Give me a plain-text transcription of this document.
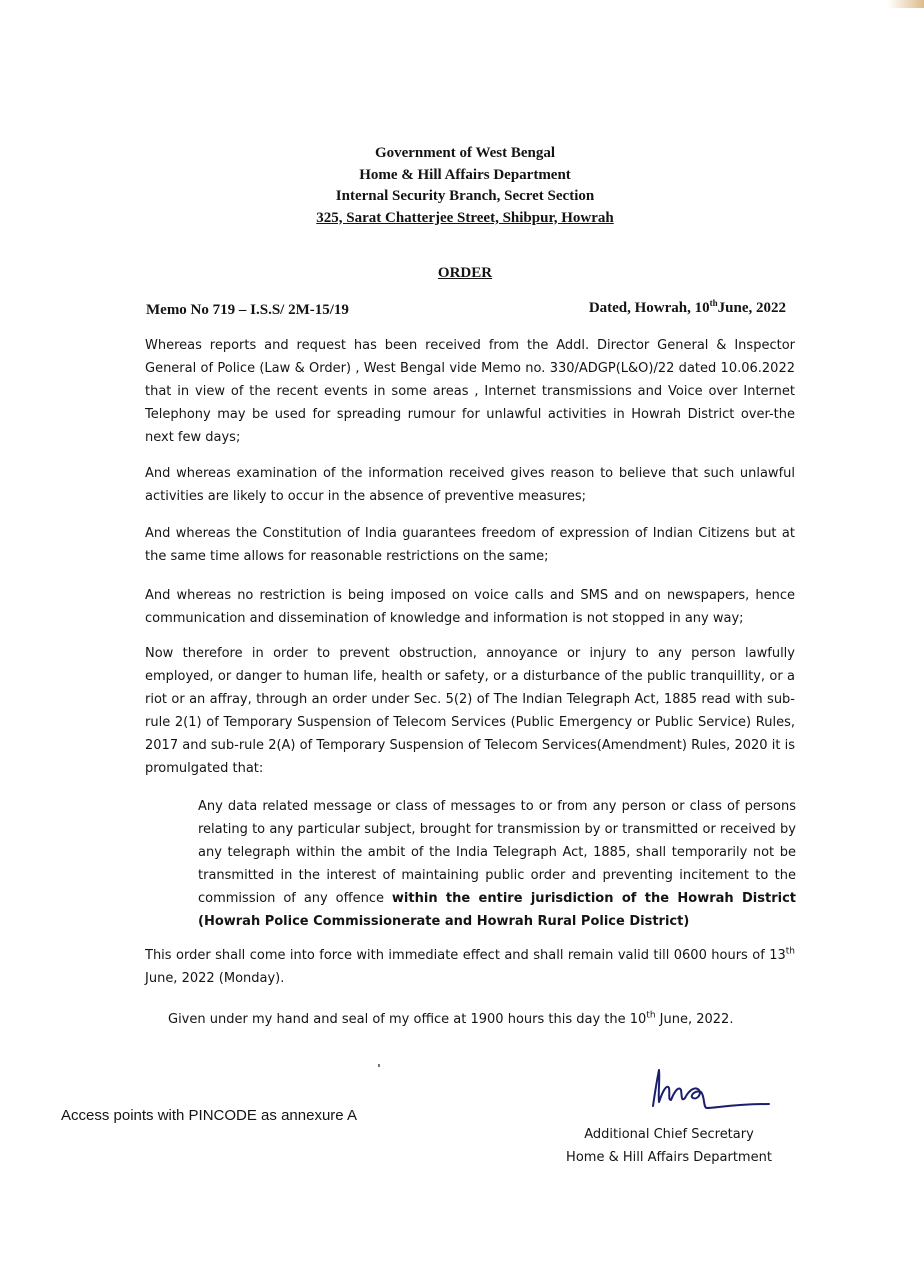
Government of West Bengal
Home & Hill Affairs Department
Internal Security Branch, Secret Section
325, Sarat Chatterjee Street, Shibpur, Howrah
ORDER
Memo No 719 – I.S.S/ 2M-15/19	Dated, Howrah, 10thJune, 2022
Whereas reports and request has been received from the Addl. Director General & Inspector General of Police (Law & Order) , West Bengal vide Memo no. 330/ADGP(L&O)/22 dated 10.06.2022 that in view of the recent events in some areas , Internet transmissions and Voice over Internet Telephony may be used for spreading rumour for unlawful activities in Howrah District over-the next few days;
And whereas examination of the information received gives reason to believe that such unlawful activities are likely to occur in the absence of preventive measures;
And whereas the Constitution of India guarantees freedom of expression of Indian Citizens but at the same time allows for reasonable restrictions on the same;
And whereas no restriction is being imposed on voice calls and SMS and on newspapers, hence communication and dissemination of knowledge and information is not stopped in any way;
Now therefore in order to prevent obstruction, annoyance or injury to any person lawfully employed, or danger to human life, health or safety, or a disturbance of the public tranquillity, or a riot or an affray, through an order under Sec. 5(2) of The Indian Telegraph Act, 1885 read with sub-rule 2(1) of Temporary Suspension of Telecom Services (Public Emergency or Public Service) Rules, 2017 and sub-rule 2(A) of Temporary Suspension of Telecom Services(Amendment) Rules, 2020 it is promulgated that:
Any data related message or class of messages to or from any person or class of persons relating to any particular subject, brought for transmission by or transmitted or received by any telegraph within the ambit of the India Telegraph Act, 1885, shall temporarily not be transmitted in the interest of maintaining public order and preventing incitement to the commission of any offence within the entire jurisdiction of the Howrah District (Howrah Police Commissionerate and Howrah Rural Police District)
This order shall come into force with immediate effect and shall remain valid till 0600 hours of 13th June, 2022 (Monday).
Given under my hand and seal of my office at 1900 hours this day the 10th June, 2022.
Access points with PINCODE as annexure A
Additional Chief Secretary
Home & Hill Affairs Department
